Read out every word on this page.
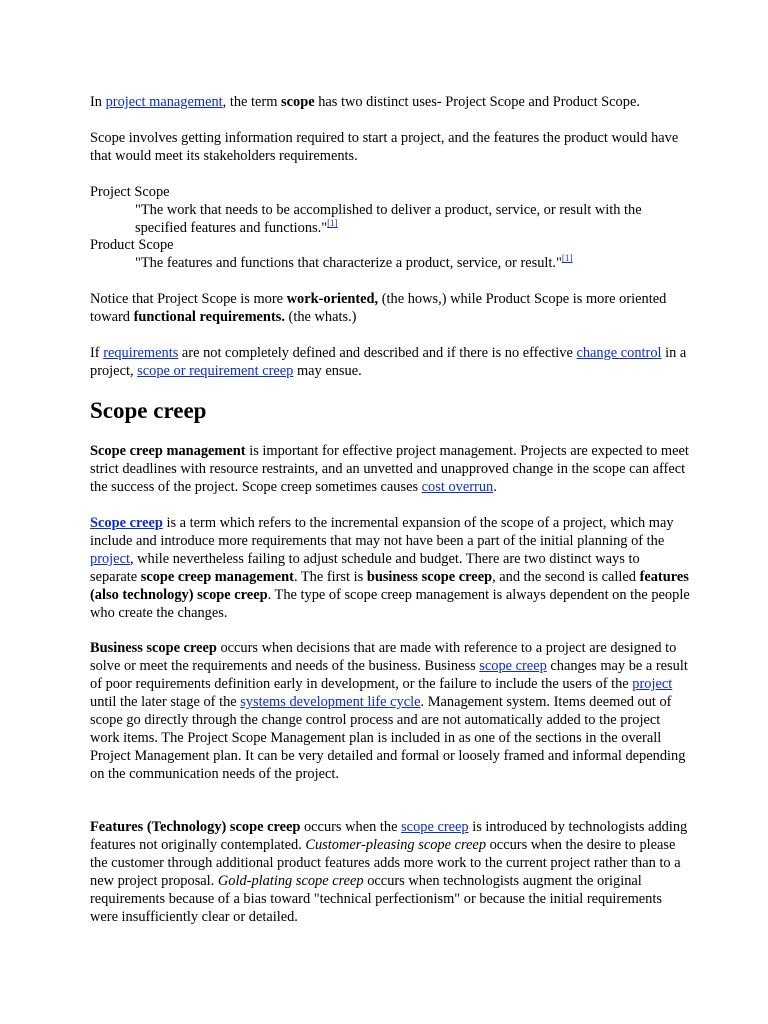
In project management, the term scope has two distinct uses- Project Scope and Product Scope.

Scope involves getting information required to start a project, and the features the product would have that would meet its stakeholders requirements.

Project Scope

"The work that needs to be accomplished to deliver a product, service, or result with the specified features and functions."[1]

Product Scope

"The features and functions that characterize a product, service, or result."[1]

Notice that Project Scope is more work-oriented, (the hows,) while Product Scope is more oriented toward functional requirements. (the whats.)

If requirements are not completely defined and described and if there is no effective change control in a project, scope or requirement creep may ensue.

Scope creep

Scope creep management is important for effective project management. Projects are expected to meet strict deadlines with resource restraints, and an unvetted and unapproved change in the scope can affect the success of the project. Scope creep sometimes causes cost overrun.

Scope creep is a term which refers to the incremental expansion of the scope of a project, which may include and introduce more requirements that may not have been a part of the initial planning of the project, while nevertheless failing to adjust schedule and budget. There are two distinct ways to separate scope creep management. The first is business scope creep, and the second is called features (also technology) scope creep. The type of scope creep management is always dependent on the people who create the changes.

Business scope creep occurs when decisions that are made with reference to a project are designed to solve or meet the requirements and needs of the business. Business scope creep changes may be a result of poor requirements definition early in development, or the failure to include the users of the project until the later stage of the systems development life cycle. Management system. Items deemed out of scope go directly through the change control process and are not automatically added to the project work items. The Project Scope Management plan is included in as one of the sections in the overall Project Management plan. It can be very detailed and formal or loosely framed and informal depending on the communication needs of the project.

Features (Technology) scope creep occurs when the scope creep is introduced by technologists adding features not originally contemplated. Customer-pleasing scope creep occurs when the desire to please the customer through additional product features adds more work to the current project rather than to a new project proposal. Gold-plating scope creep occurs when technologists augment the original requirements because of a bias toward "technical perfectionism" or because the initial requirements were insufficiently clear or detailed.
